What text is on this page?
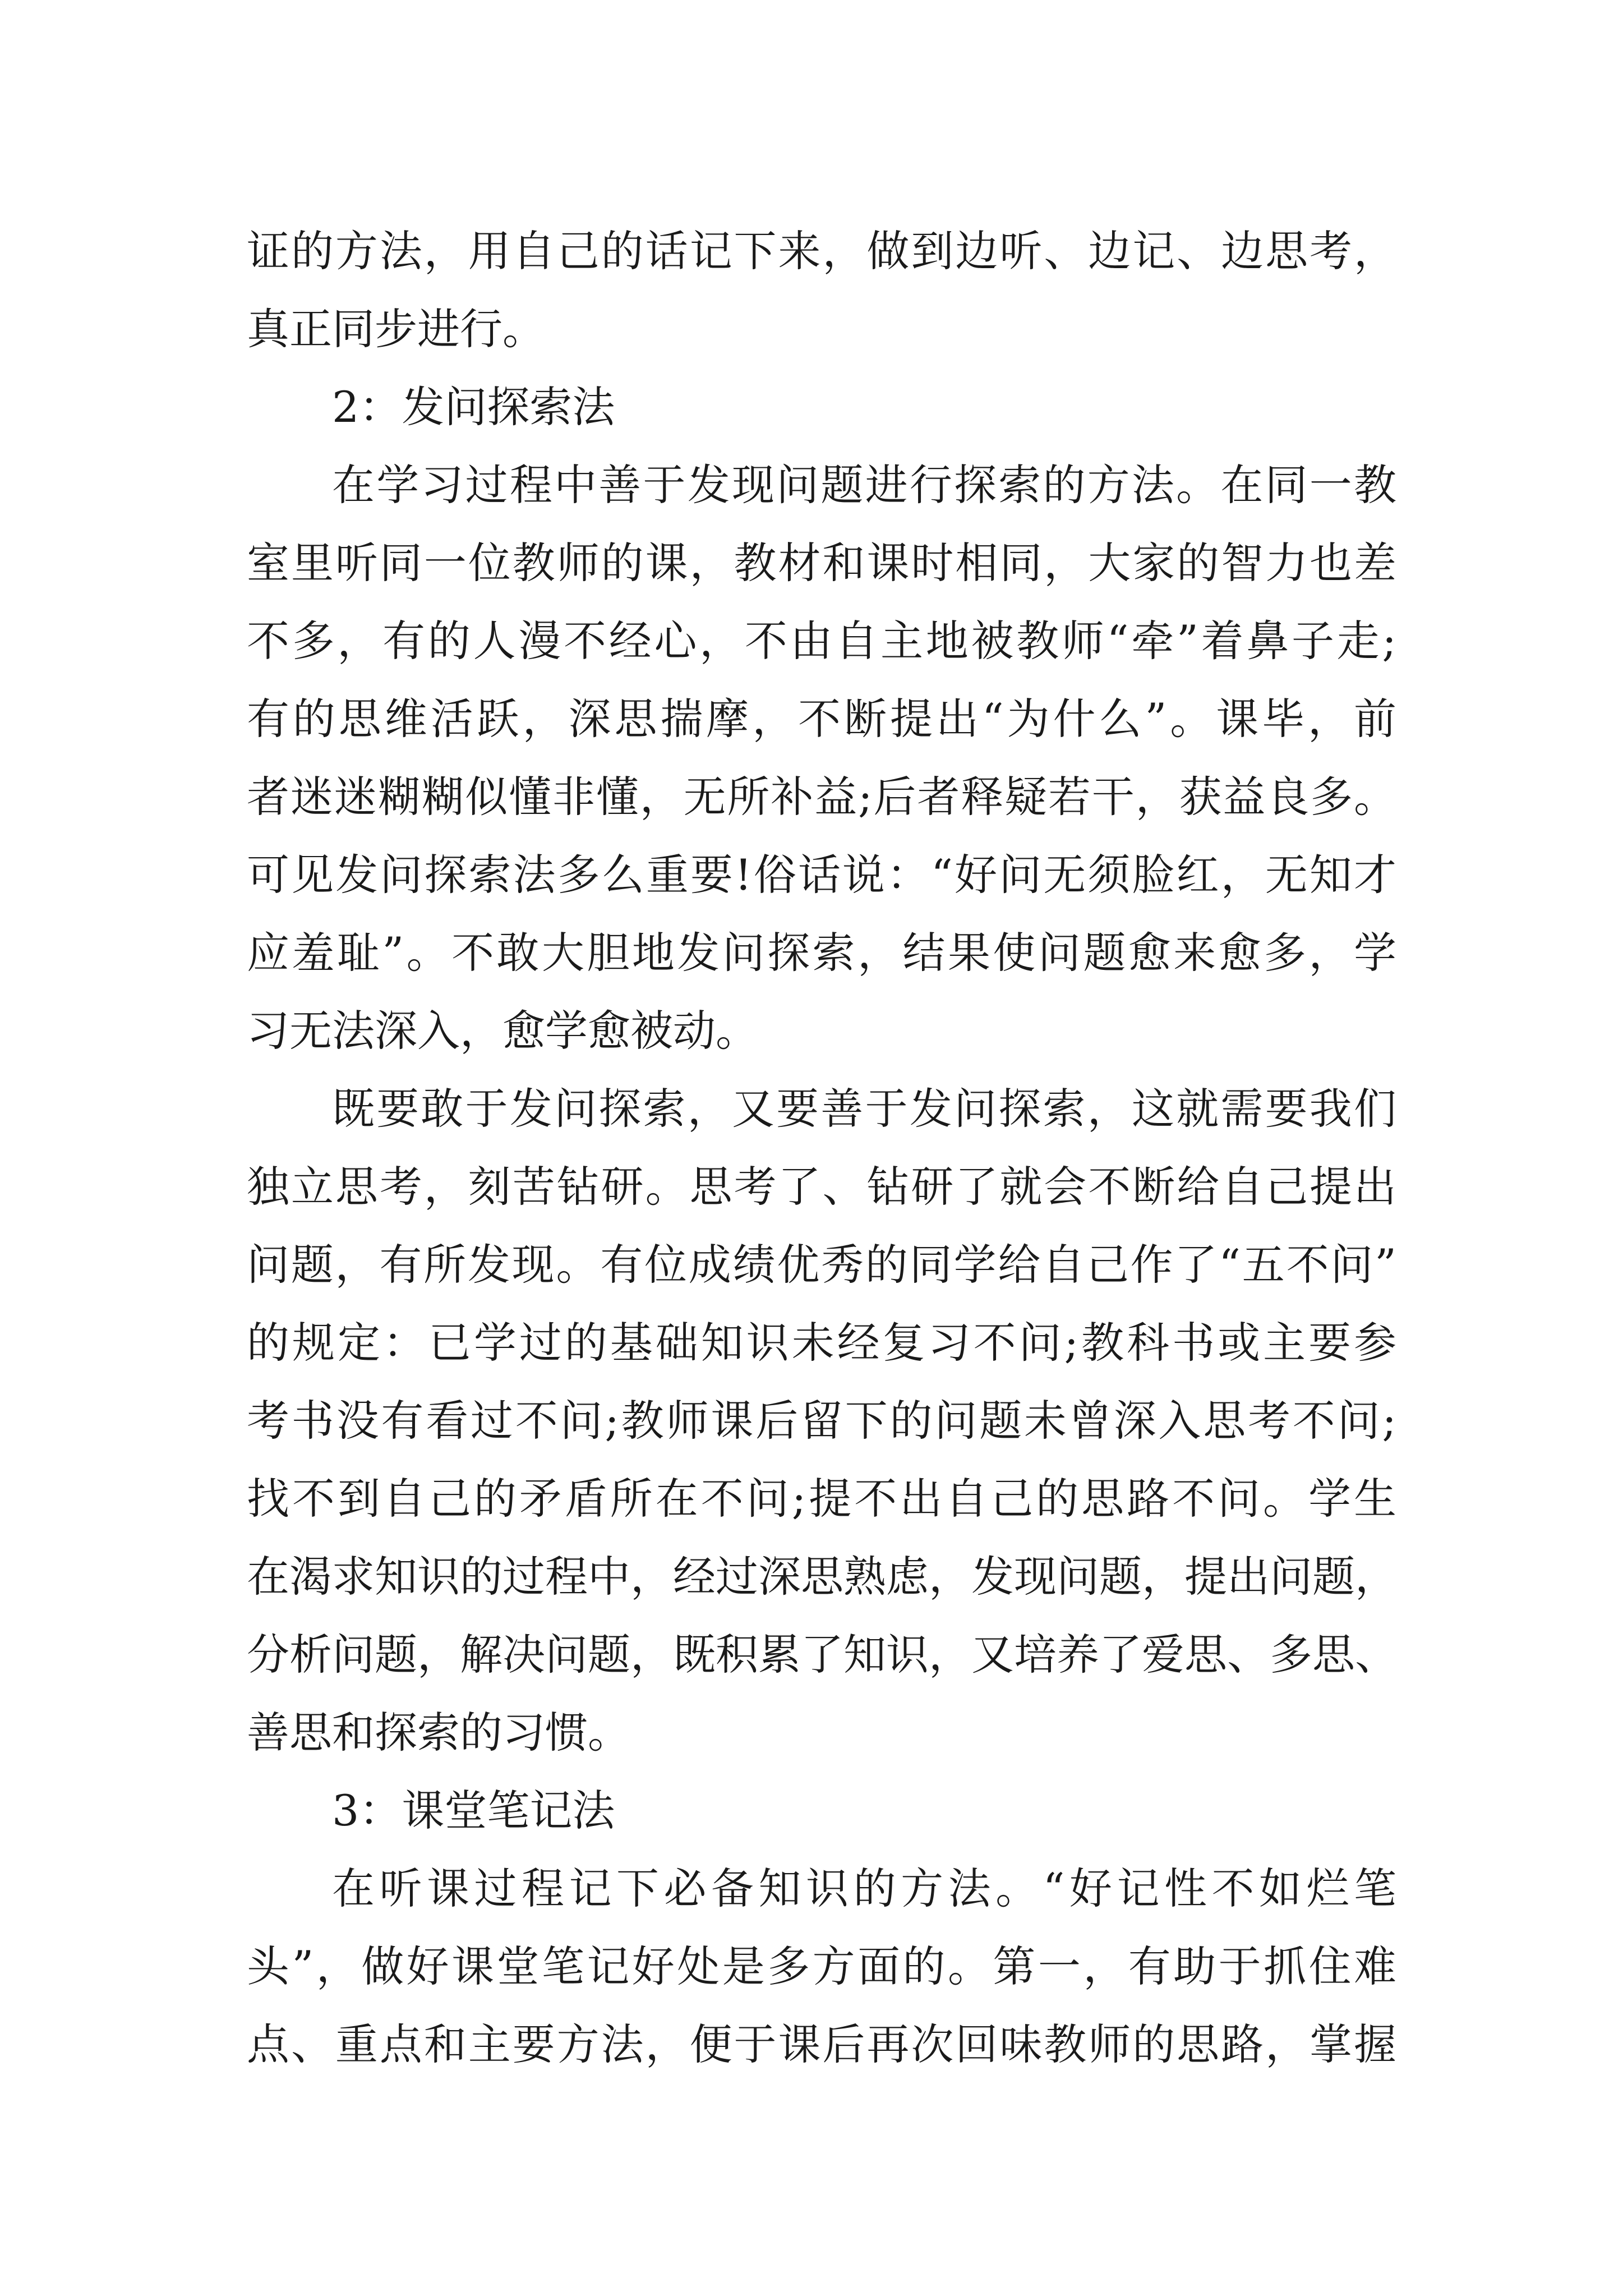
证的方法，用自己的话记下来，做到边听、边记、边思考，
真正同步进行。
2：发问探索法
在学习过程中善于发现问题进行探索的方法。在同一教
室里听同一位教师的课，教材和课时相同，大家的智力也差
不多，有的人漫不经心，不由自主地被教师“牵”着鼻子走;
有的思维活跃，深思揣摩，不断提出“为什么”。课毕，前
者迷迷糊糊似懂非懂，无所补益;后者释疑若干，获益良多。
可见发问探索法多么重要!俗话说：“好问无须脸红，无知才
应羞耻”。不敢大胆地发问探索，结果使问题愈来愈多，学
习无法深入，愈学愈被动。
既要敢于发问探索，又要善于发问探索，这就需要我们
独立思考，刻苦钻研。思考了、钻研了就会不断给自己提出
问题，有所发现。有位成绩优秀的同学给自己作了“五不问”
的规定：已学过的基础知识未经复习不问;教科书或主要参
考书没有看过不问;教师课后留下的问题未曾深入思考不问;
找不到自己的矛盾所在不问;提不出自己的思路不问。学生
在渴求知识的过程中，经过深思熟虑，发现问题，提出问题，
分析问题，解决问题，既积累了知识，又培养了爱思、多思、
善思和探索的习惯。
3：课堂笔记法
在听课过程记下必备知识的方法。“好记性不如烂笔
头”，做好课堂笔记好处是多方面的。第一，有助于抓住难
点、重点和主要方法，便于课后再次回味教师的思路，掌握
